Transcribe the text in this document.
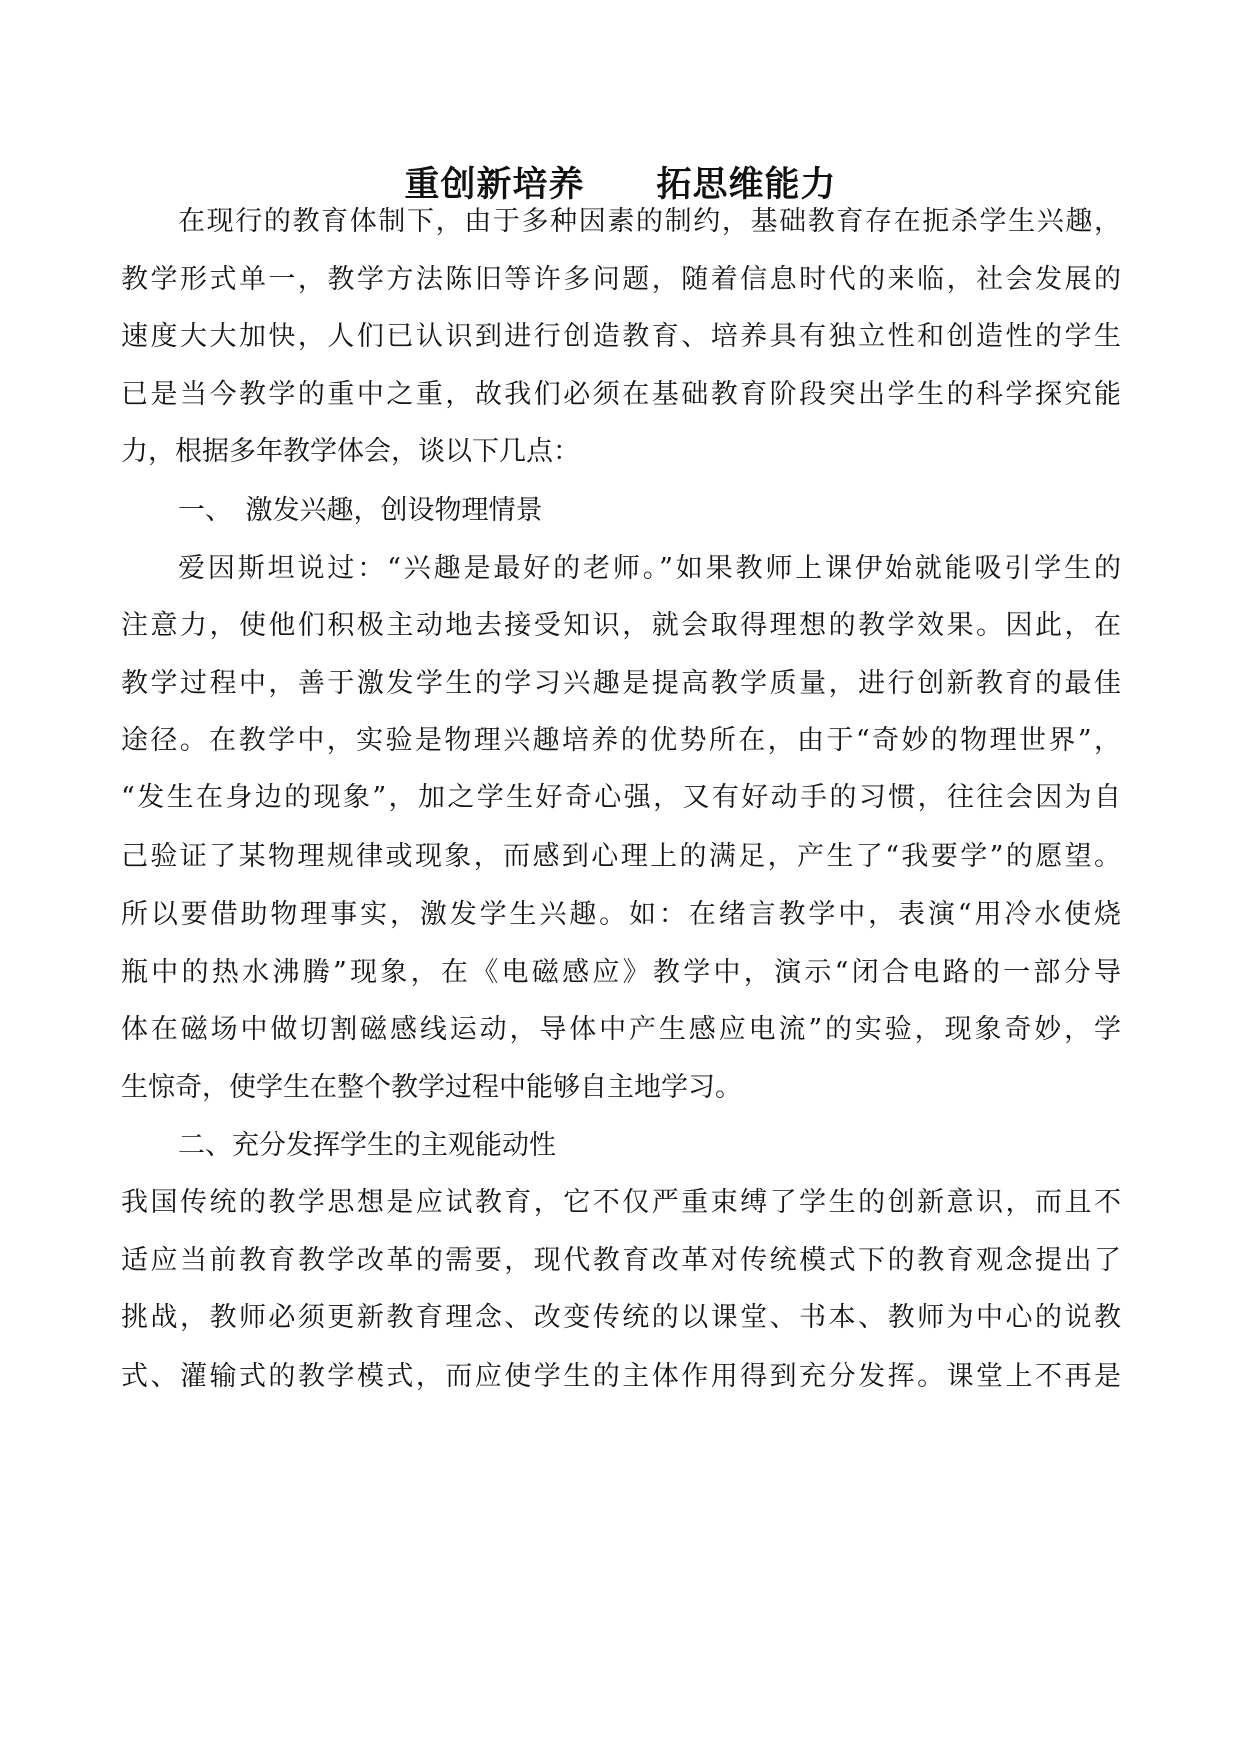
重创新培养　　拓思维能力
在现行的教育体制下，由于多种因素的制约，基础教育存在扼杀学生兴趣，
教学形式单一，教学方法陈旧等许多问题，随着信息时代的来临，社会发展的
速度大大加快，人们已认识到进行创造教育、培养具有独立性和创造性的学生
已是当今教学的重中之重，故我们必须在基础教育阶段突出学生的科学探究能
力，根据多年教学体会，谈以下几点：
一、　激发兴趣，创设物理情景
爱因斯坦说过：“兴趣是最好的老师。”如果教师上课伊始就能吸引学生的
注意力，使他们积极主动地去接受知识，就会取得理想的教学效果。因此，在
教学过程中，善于激发学生的学习兴趣是提高教学质量，进行创新教育的最佳
途径。在教学中，实验是物理兴趣培养的优势所在，由于“奇妙的物理世界”，
“发生在身边的现象”，加之学生好奇心强，又有好动手的习惯，往往会因为自
己验证了某物理规律或现象，而感到心理上的满足，产生了“我要学”的愿望。
所以要借助物理事实，激发学生兴趣。如：在绪言教学中，表演“用冷水使烧
瓶中的热水沸腾”现象，在《电磁感应》教学中，演示“闭合电路的一部分导
体在磁场中做切割磁感线运动，导体中产生感应电流”的实验，现象奇妙，学
生惊奇，使学生在整个教学过程中能够自主地学习。
二、充分发挥学生的主观能动性
我国传统的教学思想是应试教育，它不仅严重束缚了学生的创新意识，而且不
适应当前教育教学改革的需要，现代教育改革对传统模式下的教育观念提出了
挑战，教师必须更新教育理念、改变传统的以课堂、书本、教师为中心的说教
式、灌输式的教学模式，而应使学生的主体作用得到充分发挥。课堂上不再是
